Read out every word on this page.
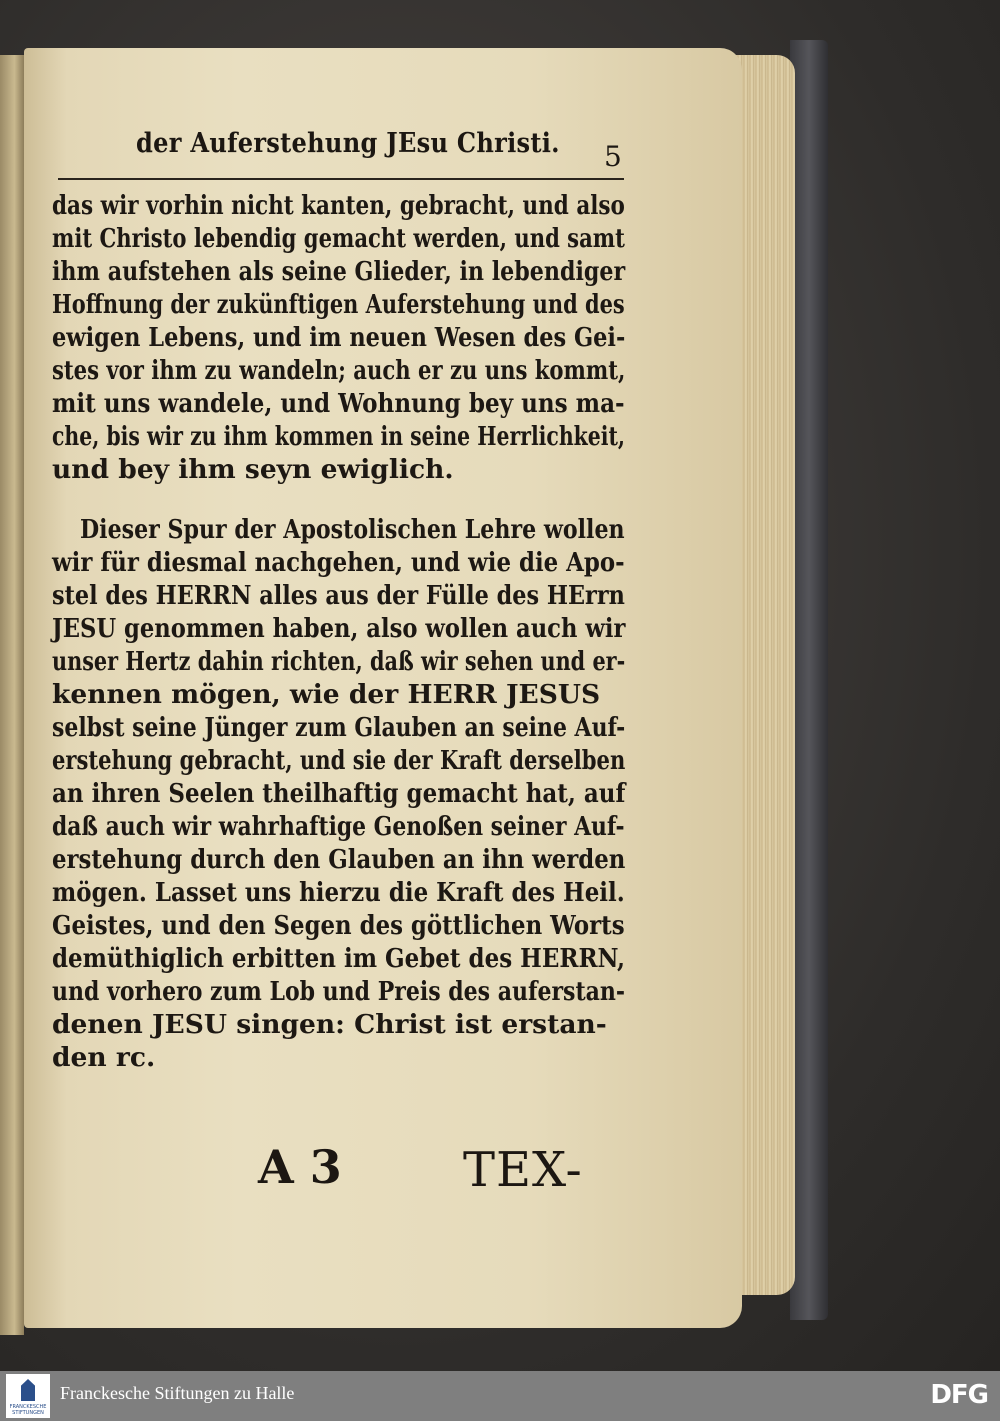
der Auferstehung JEsu Christi. 5
das wir vorhin nicht kanten, gebracht, und also
mit Christo lebendig gemacht werden, und samt
ihm aufstehen als seine Glieder, in lebendiger
Hoffnung der zukünftigen Auferstehung und des
ewigen Lebens, und im neuen Wesen des Gei-
stes vor ihm zu wandeln; auch er zu uns kommt,
mit uns wandele, und Wohnung bey uns ma-
che, bis wir zu ihm kommen in seine Herrlichkeit,
und bey ihm seyn ewiglich.
Dieser Spur der Apostolischen Lehre wollen
wir für diesmal nachgehen, und wie die Apo-
stel des HERRN alles aus der Fülle des HErrn
JESU genommen haben, also wollen auch wir
unser Hertz dahin richten, daß wir sehen und er-
kennen mögen, wie der HERR JESUS
selbst seine Jünger zum Glauben an seine Auf-
erstehung gebracht, und sie der Kraft derselben
an ihren Seelen theilhaftig gemacht hat, auf
daß auch wir wahrhaftige Genoßen seiner Auf-
erstehung durch den Glauben an ihn werden
mögen. Lasset uns hierzu die Kraft des Heil.
Geistes, und den Segen des göttlichen Worts
demüthiglich erbitten im Gebet des HERRN,
und vorhero zum Lob und Preis des auferstan-
denen JESU singen: Christ ist erstan-
den rc.
A 3	TEX-
FRANCKESCHE STIFTUNGEN
Franckesche Stiftungen zu Halle	DFG
